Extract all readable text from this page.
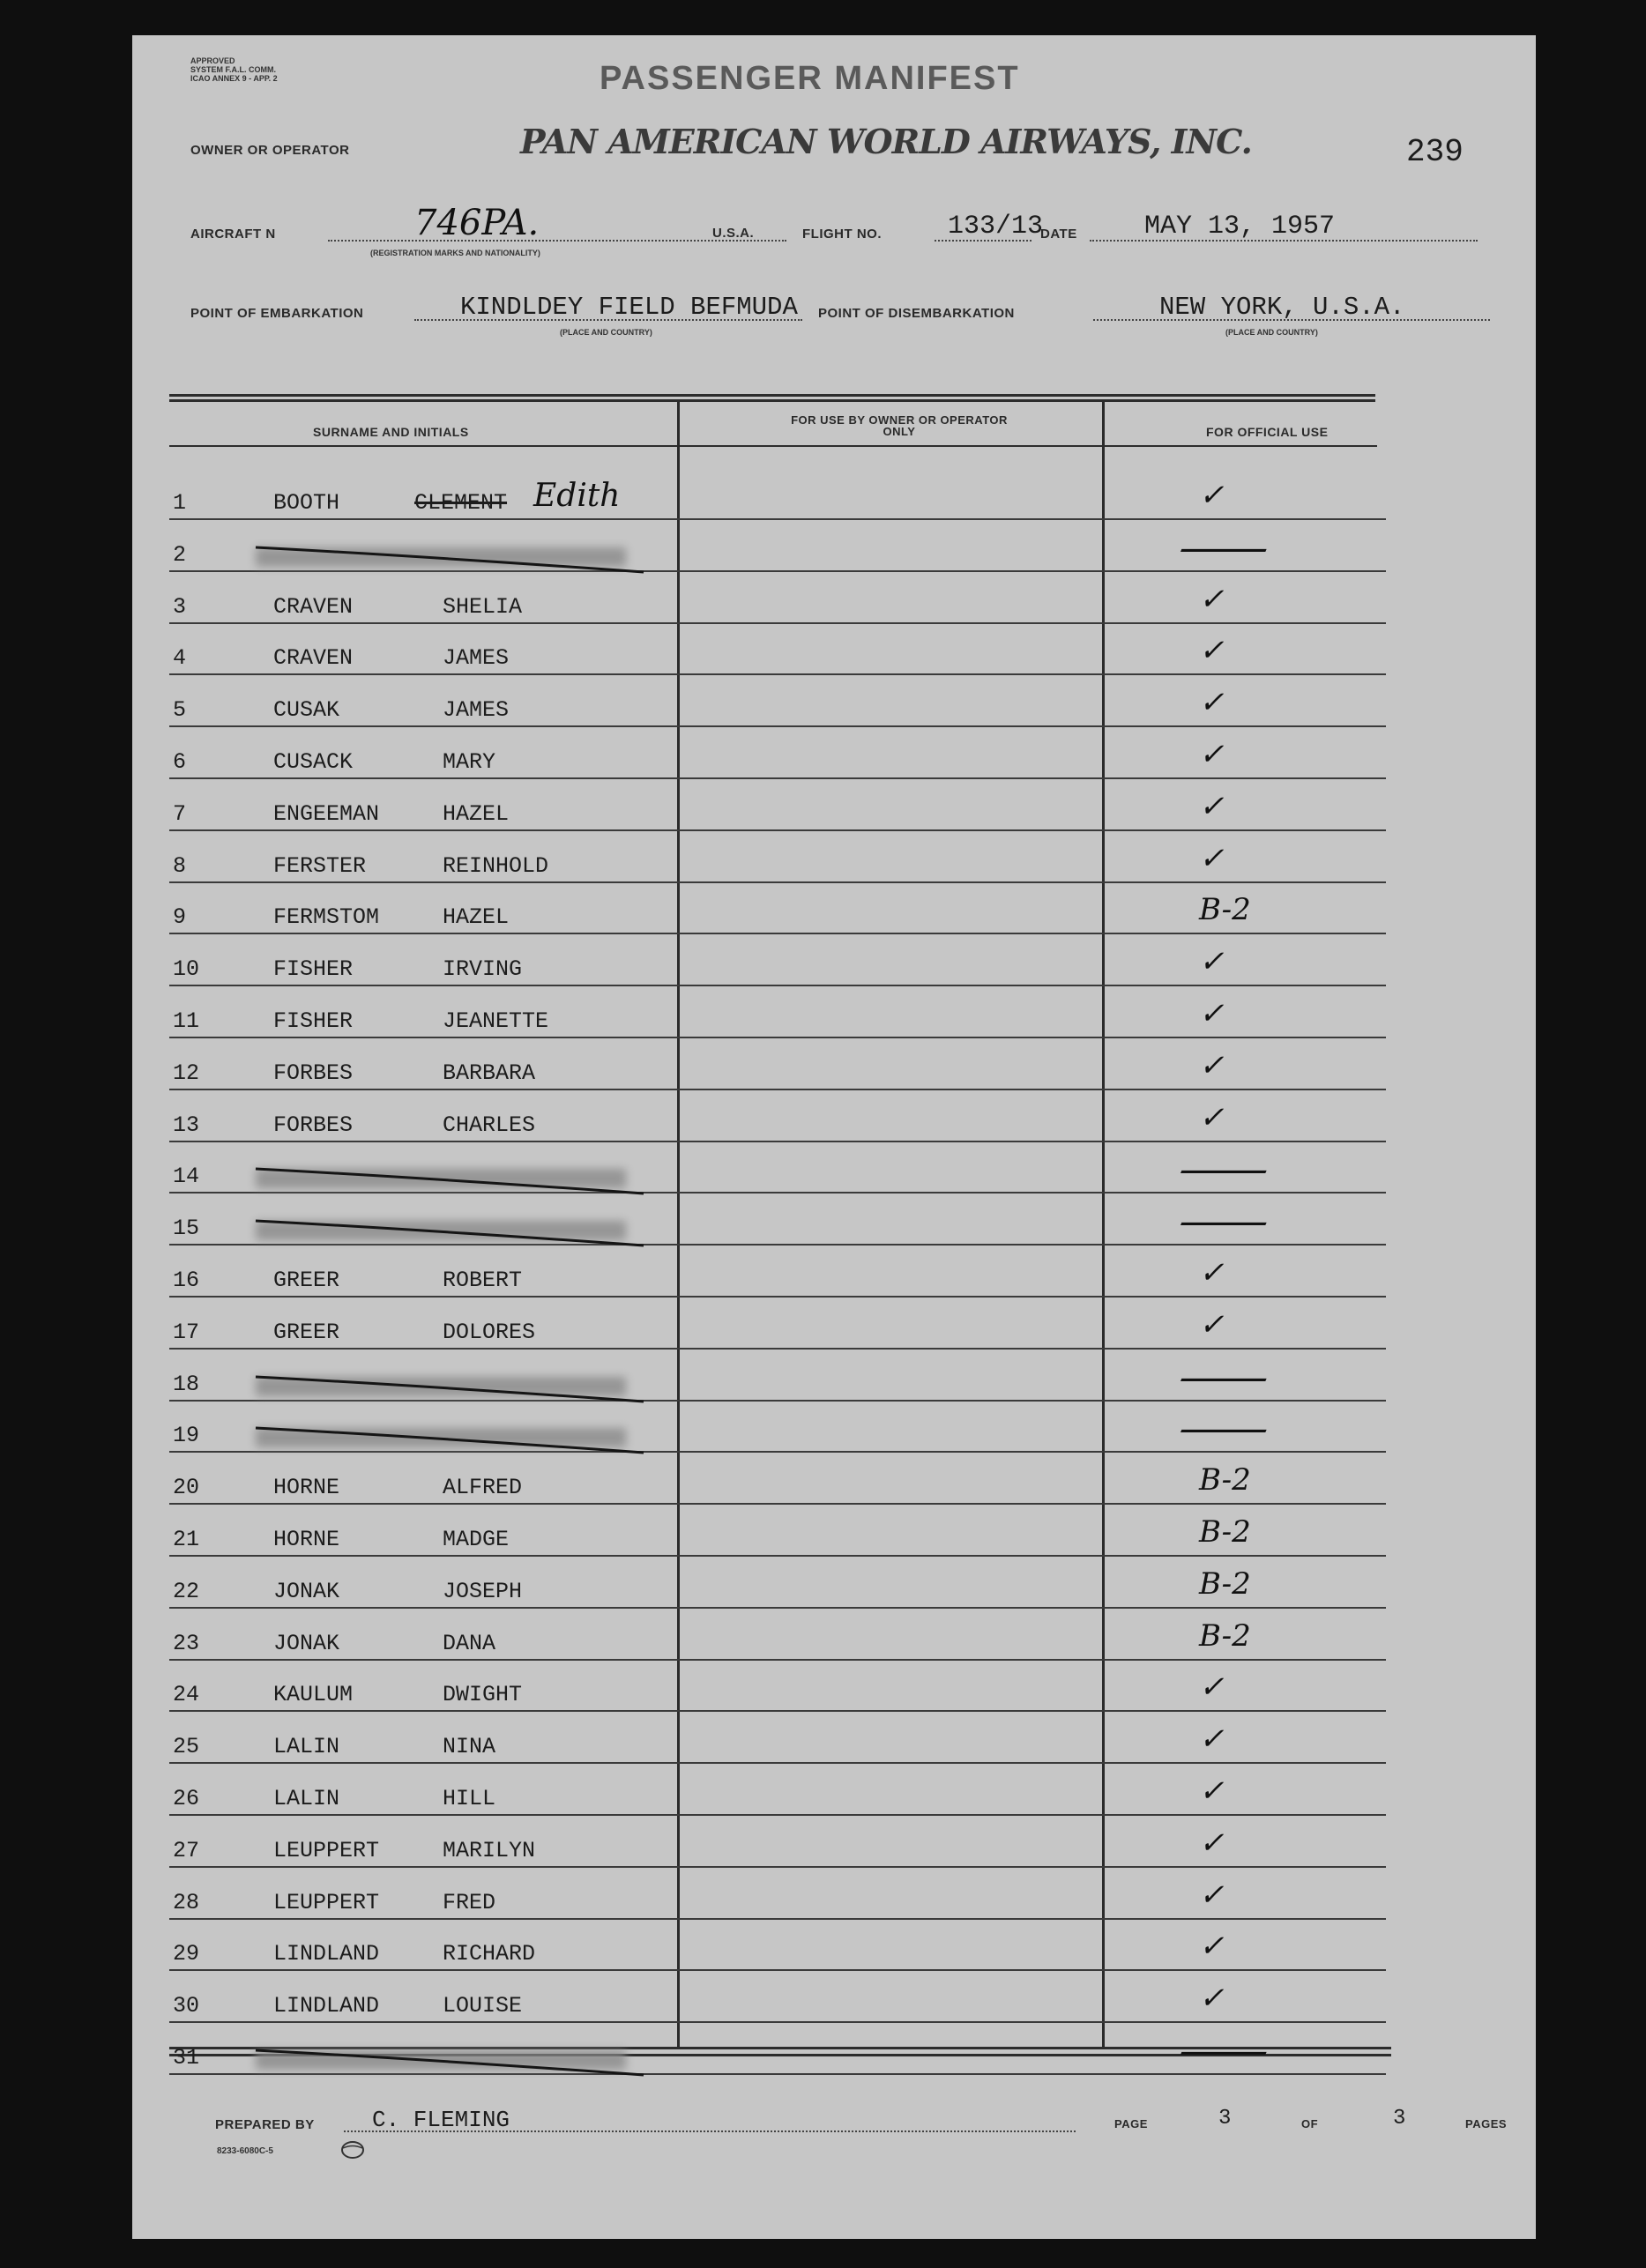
APPROVED
SYSTEM F.A.L. COMM.
ICAO ANNEX 9 - APP. 2	PASSENGER MANIFEST
OWNER OR OPERATOR	PAN AMERICAN WORLD AIRWAYS, INC.	239
AIRCRAFT N	746PA.
(REGISTRATION MARKS AND NATIONALITY)
U.S.A.	FLIGHT NO.	133/13
DATE	MAY 13, 1957
POINT OF EMBARKATION	KINDLDEY FIELD BEFMUDA
(PLACE AND COUNTRY)
POINT OF DISEMBARKATION	NEW YORK, U.S.A.
(PLACE AND COUNTRY)
SURNAME AND INITIALS
FOR USE BY OWNER OR OPERATOR ONLY	FOR OFFICIAL USE
1	BOOTH	CLEMENT Edith	✓
2	—
3	CRAVEN	SHELIA	✓
4	CRAVEN	JAMES	✓
5	CUSAK	JAMES	✓
6	CUSACK	MARY	✓
7	ENGEEMAN	HAZEL	✓
8	FERSTER	REINHOLD	✓
9	FERMSTOM	HAZEL	B-2
10	FISHER	IRVING	✓
11	FISHER	JEANETTE	✓
12	FORBES	BARBARA	✓
13	FORBES	CHARLES	✓
14	—
15	—
16	GREER	ROBERT	✓
17	GREER	DOLORES	✓
18	—
19	—
20	HORNE	ALFRED	B-2
21	HORNE	MADGE	B-2
22	JONAK	JOSEPH	B-2
23	JONAK	DANA	B-2
24	KAULUM	DWIGHT	✓
25	LALIN	NINA	✓
26	LALIN	HILL	✓
27	LEUPPERT	MARILYN	✓
28	LEUPPERT	FRED	✓
29	LINDLAND	RICHARD	✓
30	LINDLAND	LOUISE	✓
31	—
PREPARED BY	C. FLEMING	PAGE	3	OF	3	PAGES
8233-6080C-5
